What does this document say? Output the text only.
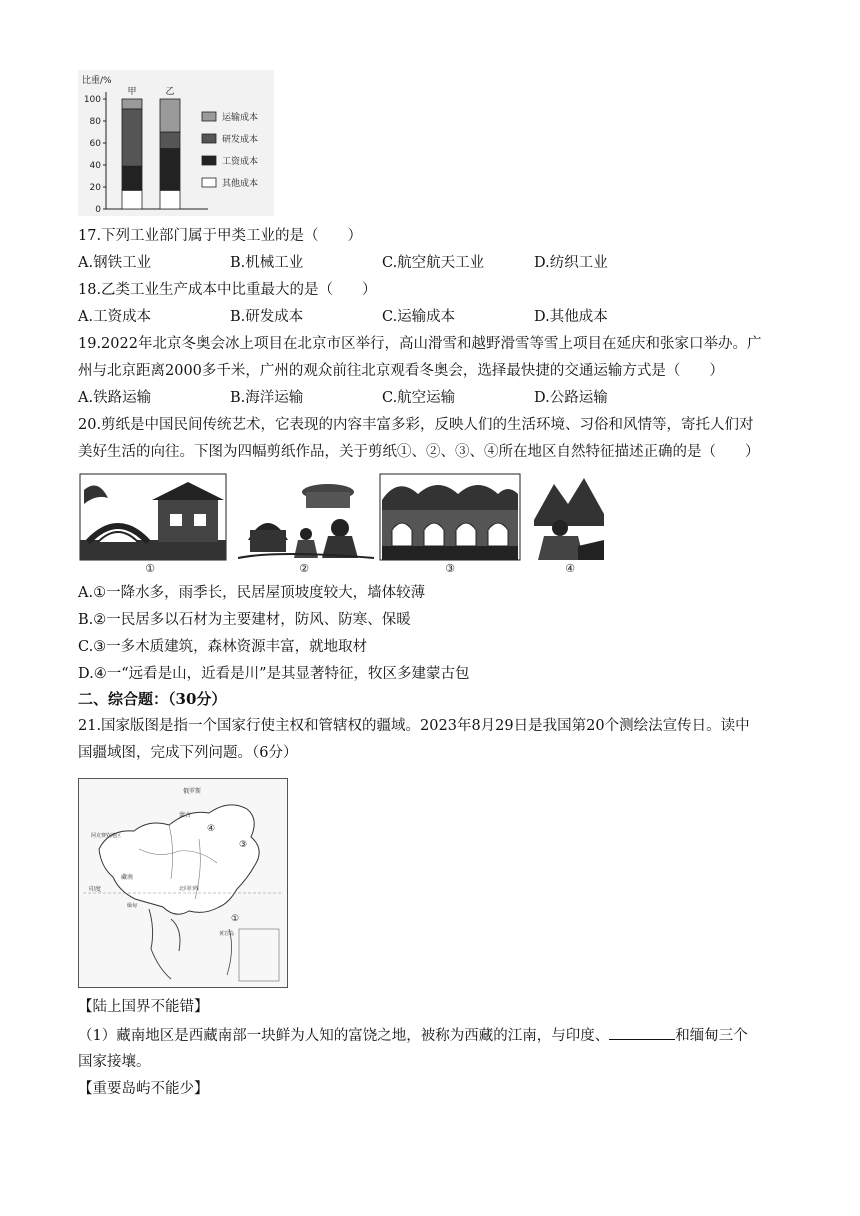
比重/%
0
20
40
60
80
100
甲	乙
运输成本
研发成本
工资成本
其他成本
17.下列工业部门属于甲类工业的是（　　）
A.钢铁工业	B.机械工业	C.航空航天工业	D.纺织工业
18.乙类工业生产成本中比重最大的是（　　）
A.工资成本	B.研发成本	C.运输成本	D.其他成本
19.2022年北京冬奥会冰上项目在北京市区举行，高山滑雪和越野滑雪等雪上项目在延庆和张家口举办。广
州与北京距离2000多千米，广州的观众前往北京观看冬奥会，选择最快捷的交通运输方式是（　　）
A.铁路运输	B.海洋运输	C.航空运输	D.公路运输
20.剪纸是中国民间传统艺术，它表现的内容丰富多彩，反映人们的生活环境、习俗和风情等，寄托人们对
美好生活的向往。下图为四幅剪纸作品，关于剪纸①、②、③、④所在地区自然特征描述正确的是（　　）
①	②	③	④
A.①一降水多，雨季长，民居屋顶坡度较大，墙体较薄
B.②一民居多以石材为主要建材，防风、防寒、保暖
C.③一多木质建筑，森林资源丰富，就地取材
D.④一“远看是山，近看是川”是其显著特征，牧区多建蒙古包
二、综合题：（30分）
21.国家版图是指一个国家行使主权和管辖权的疆域。2023年8月29日是我国第20个测绘法宣传日。读中
国疆域图，完成下列问题。（6分）
俄罗斯
蒙古
阿克赛钦地区
藏南
印度
缅甸
北回归线
黄岩岛
③
④
①
【陆上国界不能错】
（1）藏南地区是西藏南部一块鲜为人知的富饶之地，被称为西藏的江南，与印度、	和缅甸三个
国家接壤。
【重要岛屿不能少】
